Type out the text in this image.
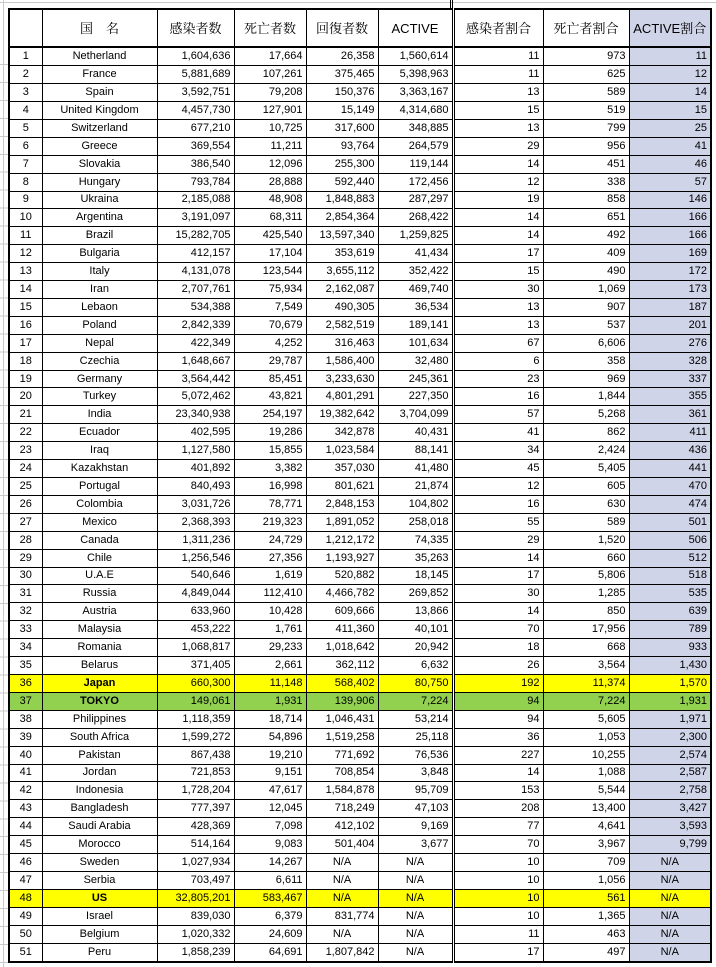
	国　名	感染者数	死亡者数	回復者数	ACTIVE	感染者割合	死亡者割合	ACTIVE割合
1	Netherland	1,604,636	17,664	26,358	1,560,614	11	973	11
2	France	5,881,689	107,261	375,465	5,398,963	11	625	12
3	Spain	3,592,751	79,208	150,376	3,363,167	13	589	14
4	United Kingdom	4,457,730	127,901	15,149	4,314,680	15	519	15
5	Switzerland	677,210	10,725	317,600	348,885	13	799	25
6	Greece	369,554	11,211	93,764	264,579	29	956	41
7	Slovakia	386,540	12,096	255,300	119,144	14	451	46
8	Hungary	793,784	28,888	592,440	172,456	12	338	57
9	Ukraina	2,185,088	48,908	1,848,883	287,297	19	858	146
10	Argentina	3,191,097	68,311	2,854,364	268,422	14	651	166
11	Brazil	15,282,705	425,540	13,597,340	1,259,825	14	492	166
12	Bulgaria	412,157	17,104	353,619	41,434	17	409	169
13	Italy	4,131,078	123,544	3,655,112	352,422	15	490	172
14	Iran	2,707,761	75,934	2,162,087	469,740	30	1,069	173
15	Lebaon	534,388	7,549	490,305	36,534	13	907	187
16	Poland	2,842,339	70,679	2,582,519	189,141	13	537	201
17	Nepal	422,349	4,252	316,463	101,634	67	6,606	276
18	Czechia	1,648,667	29,787	1,586,400	32,480	6	358	328
19	Germany	3,564,442	85,451	3,233,630	245,361	23	969	337
20	Turkey	5,072,462	43,821	4,801,291	227,350	16	1,844	355
21	India	23,340,938	254,197	19,382,642	3,704,099	57	5,268	361
22	Ecuador	402,595	19,286	342,878	40,431	41	862	411
23	Iraq	1,127,580	15,855	1,023,584	88,141	34	2,424	436
24	Kazakhstan	401,892	3,382	357,030	41,480	45	5,405	441
25	Portugal	840,493	16,998	801,621	21,874	12	605	470
26	Colombia	3,031,726	78,771	2,848,153	104,802	16	630	474
27	Mexico	2,368,393	219,323	1,891,052	258,018	55	589	501
28	Canada	1,311,236	24,729	1,212,172	74,335	29	1,520	506
29	Chile	1,256,546	27,356	1,193,927	35,263	14	660	512
30	U.A.E	540,646	1,619	520,882	18,145	17	5,806	518
31	Russia	4,849,044	112,410	4,466,782	269,852	30	1,285	535
32	Austria	633,960	10,428	609,666	13,866	14	850	639
33	Malaysia	453,222	1,761	411,360	40,101	70	17,956	789
34	Romania	1,068,817	29,233	1,018,642	20,942	18	668	933
35	Belarus	371,405	2,661	362,112	6,632	26	3,564	1,430
36	Japan	660,300	11,148	568,402	80,750	192	11,374	1,570
37	TOKYO	149,061	1,931	139,906	7,224	94	7,224	1,931
38	Philippines	1,118,359	18,714	1,046,431	53,214	94	5,605	1,971
39	South Africa	1,599,272	54,896	1,519,258	25,118	36	1,053	2,300
40	Pakistan	867,438	19,210	771,692	76,536	227	10,255	2,574
41	Jordan	721,853	9,151	708,854	3,848	14	1,088	2,587
42	Indonesia	1,728,204	47,617	1,584,878	95,709	153	5,544	2,758
43	Bangladesh	777,397	12,045	718,249	47,103	208	13,400	3,427
44	Saudi Arabia	428,369	7,098	412,102	9,169	77	4,641	3,593
45	Morocco	514,164	9,083	501,404	3,677	70	3,967	9,799
46	Sweden	1,027,934	14,267	N/A	N/A	10	709	N/A
47	Serbia	703,497	6,611	N/A	N/A	10	1,056	N/A
48	US	32,805,201	583,467	N/A	N/A	10	561	N/A
49	Israel	839,030	6,379	831,774	N/A	10	1,365	N/A
50	Belgium	1,020,332	24,609	N/A	N/A	11	463	N/A
51	Peru	1,858,239	64,691	1,807,842	N/A	17	497	N/A
